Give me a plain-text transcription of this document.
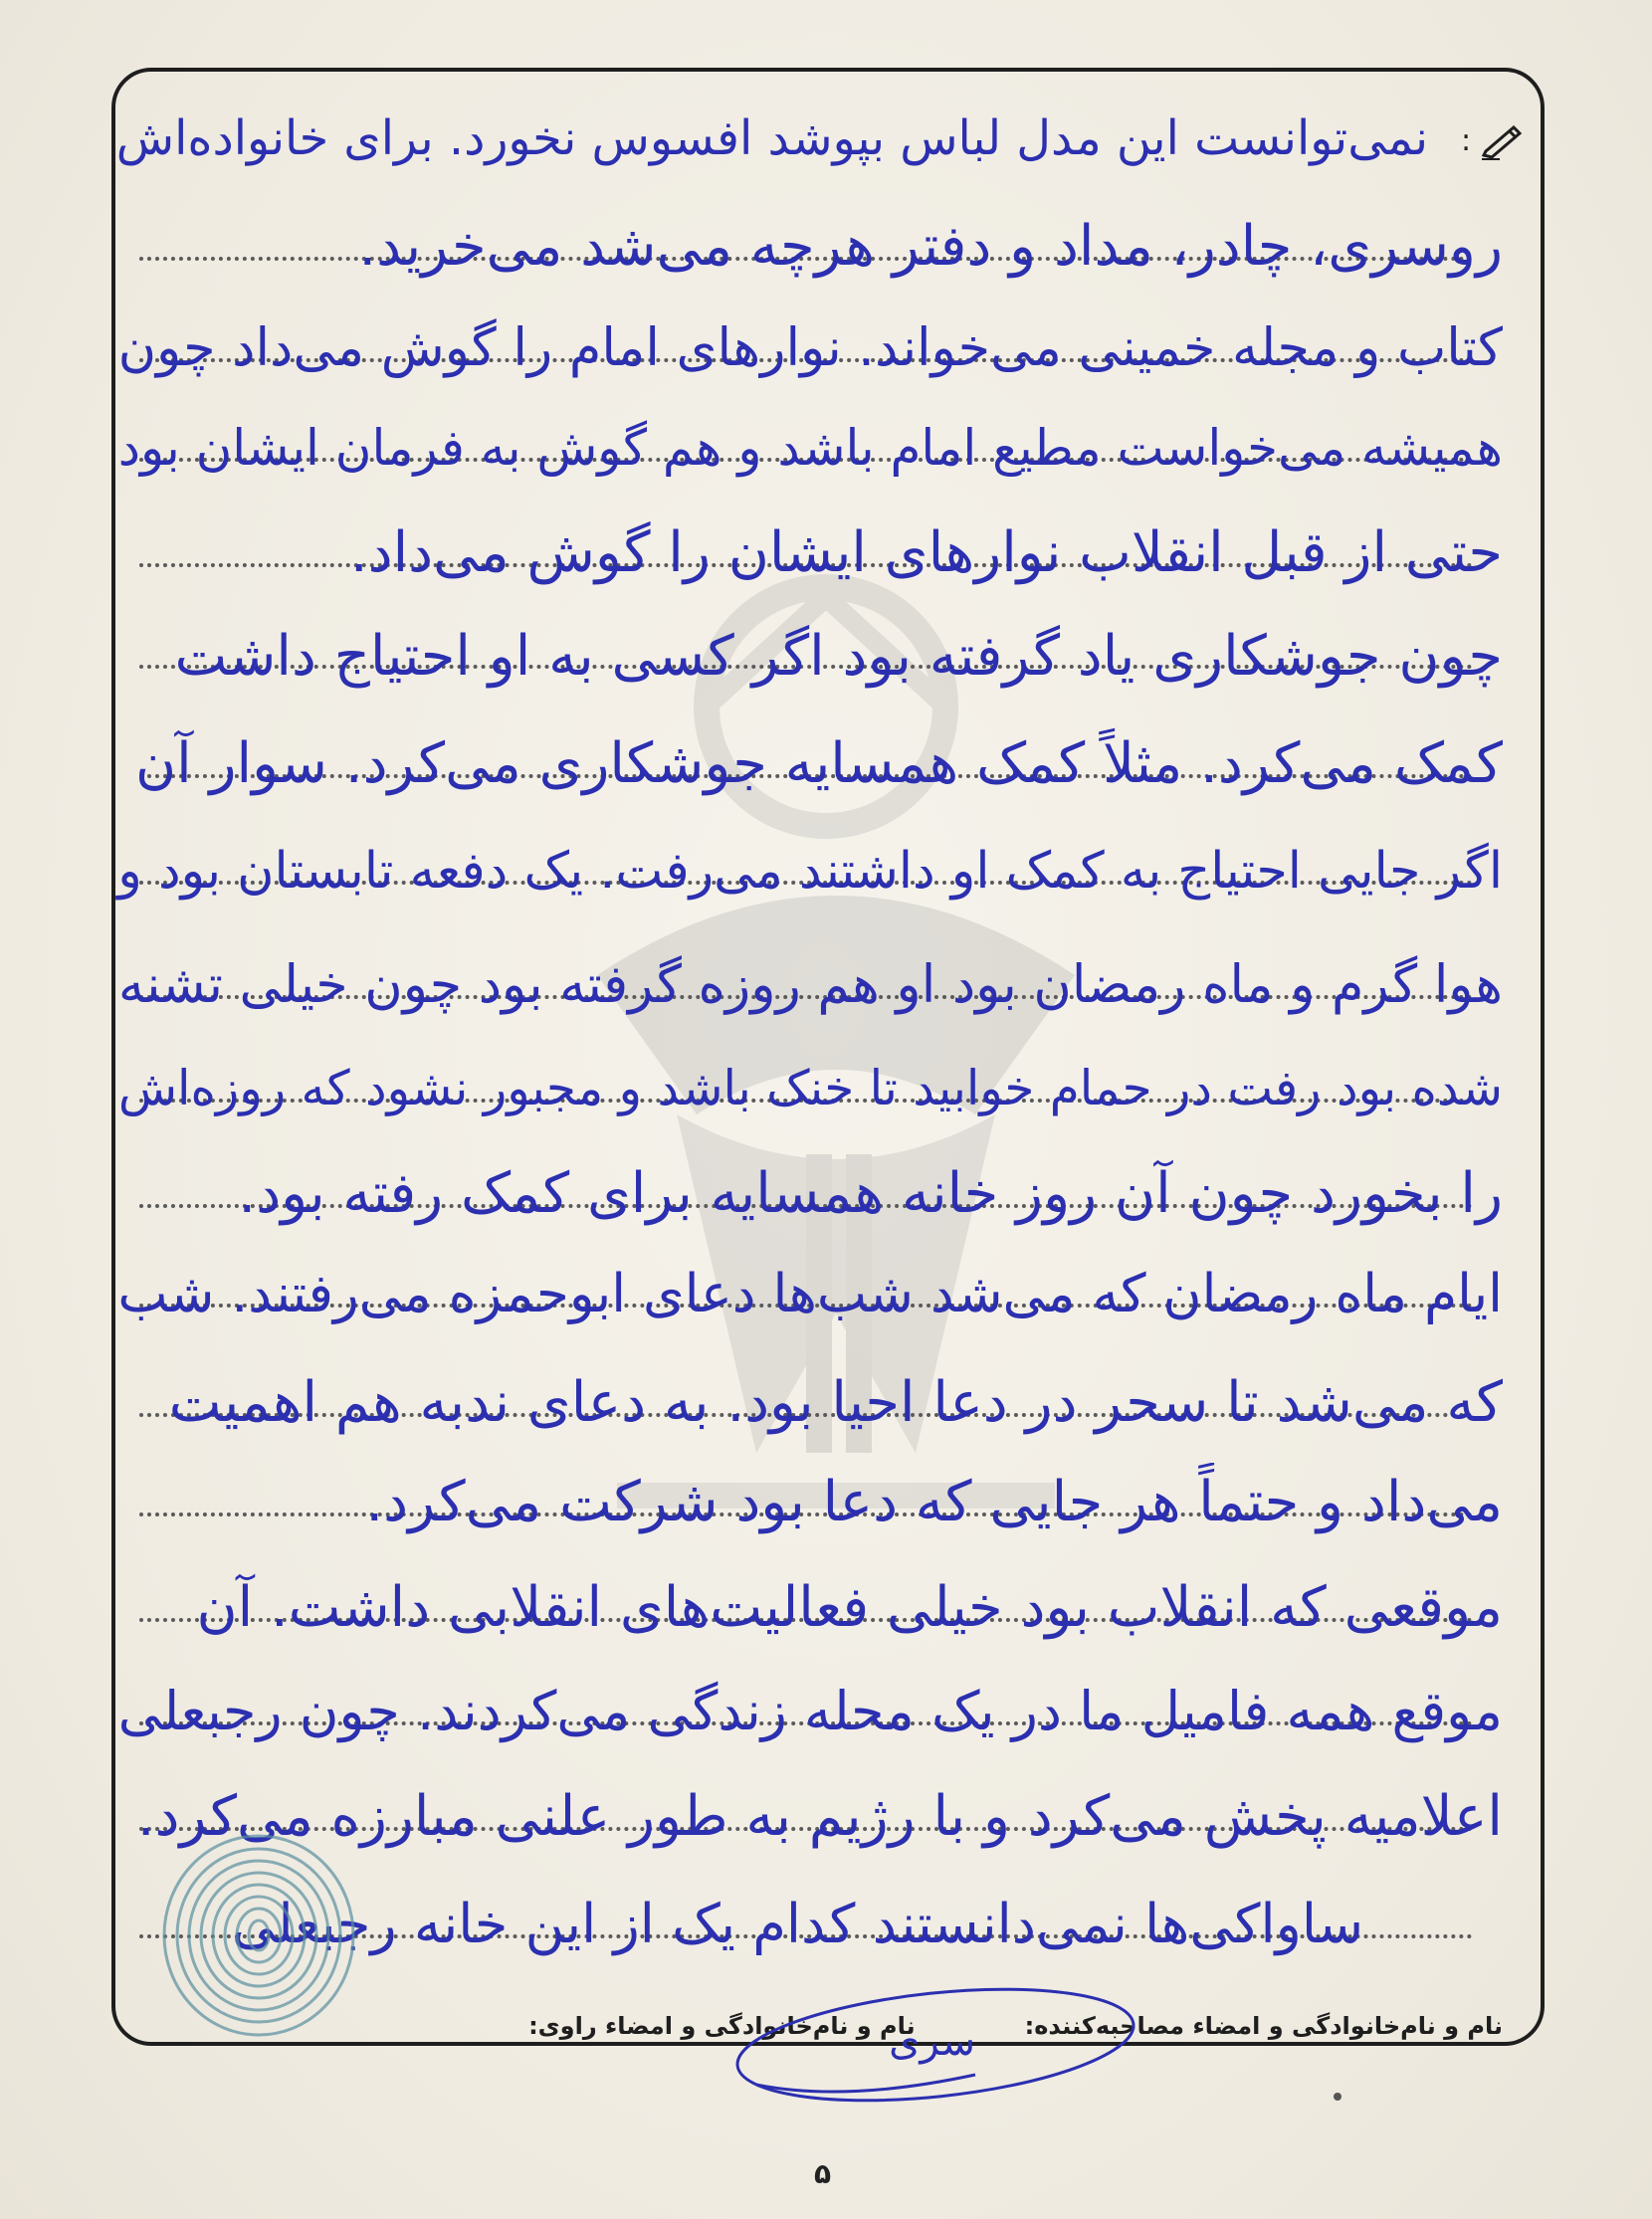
:
نمی‌توانست این مدل لباس بپوشد افسوس نخورد. برای خانواده‌اش
روسری، چادر، مداد و دفتر هرچه می‌شد می‌خرید.
کتاب و مجله خمینی می‌خواند. نوارهای امام را گوش می‌داد چون
همیشه می‌خواست مطیع امام باشد و هم گوش به فرمان ایشان بود
حتی از قبل انقلاب نوارهای ایشان را گوش می‌داد.
چون جوشکاری یاد گرفته بود اگر کسی به او احتیاج داشت
کمک می‌کرد. مثلاً کمک همسایه جوشکاری می‌کرد. سوار آن
اگر جایی احتیاج به کمک او داشتند می‌رفت. یک دفعه تابستان بود و
هوا گرم و ماه رمضان بود او هم روزه گرفته بود چون خیلی تشنه
شده بود رفت در حمام خوابید تا خنک باشد و مجبور نشود که روزه‌اش
را بخورد چون آن روز خانه همسایه برای کمک رفته بود.
ایام ماه رمضان که می‌شد شب‌ها دعای ابوحمزه می‌رفتند. شب
که می‌شد تا سحر در دعا احیا بود. به دعای ندبه هم اهمیت
می‌داد و حتماً هر جایی که دعا بود شرکت می‌کرد.
موقعی که انقلاب بود خیلی فعالیت‌های انقلابی داشت. آن
موقع همه فامیل ما در یک محله زندگی می‌کردند. چون رجبعلی
اعلامیه پخش می‌کرد و با رژیم به طور علنی مبارزه می‌کرد.
ساواکی‌ها نمی‌دانستند کدام یک از این خانه رجبعلی
نام و نام‌خانوادگی و امضاء مصاحبه‌کننده:نام و نام‌خانوادگی و امضاء راوی:
سری
۵
